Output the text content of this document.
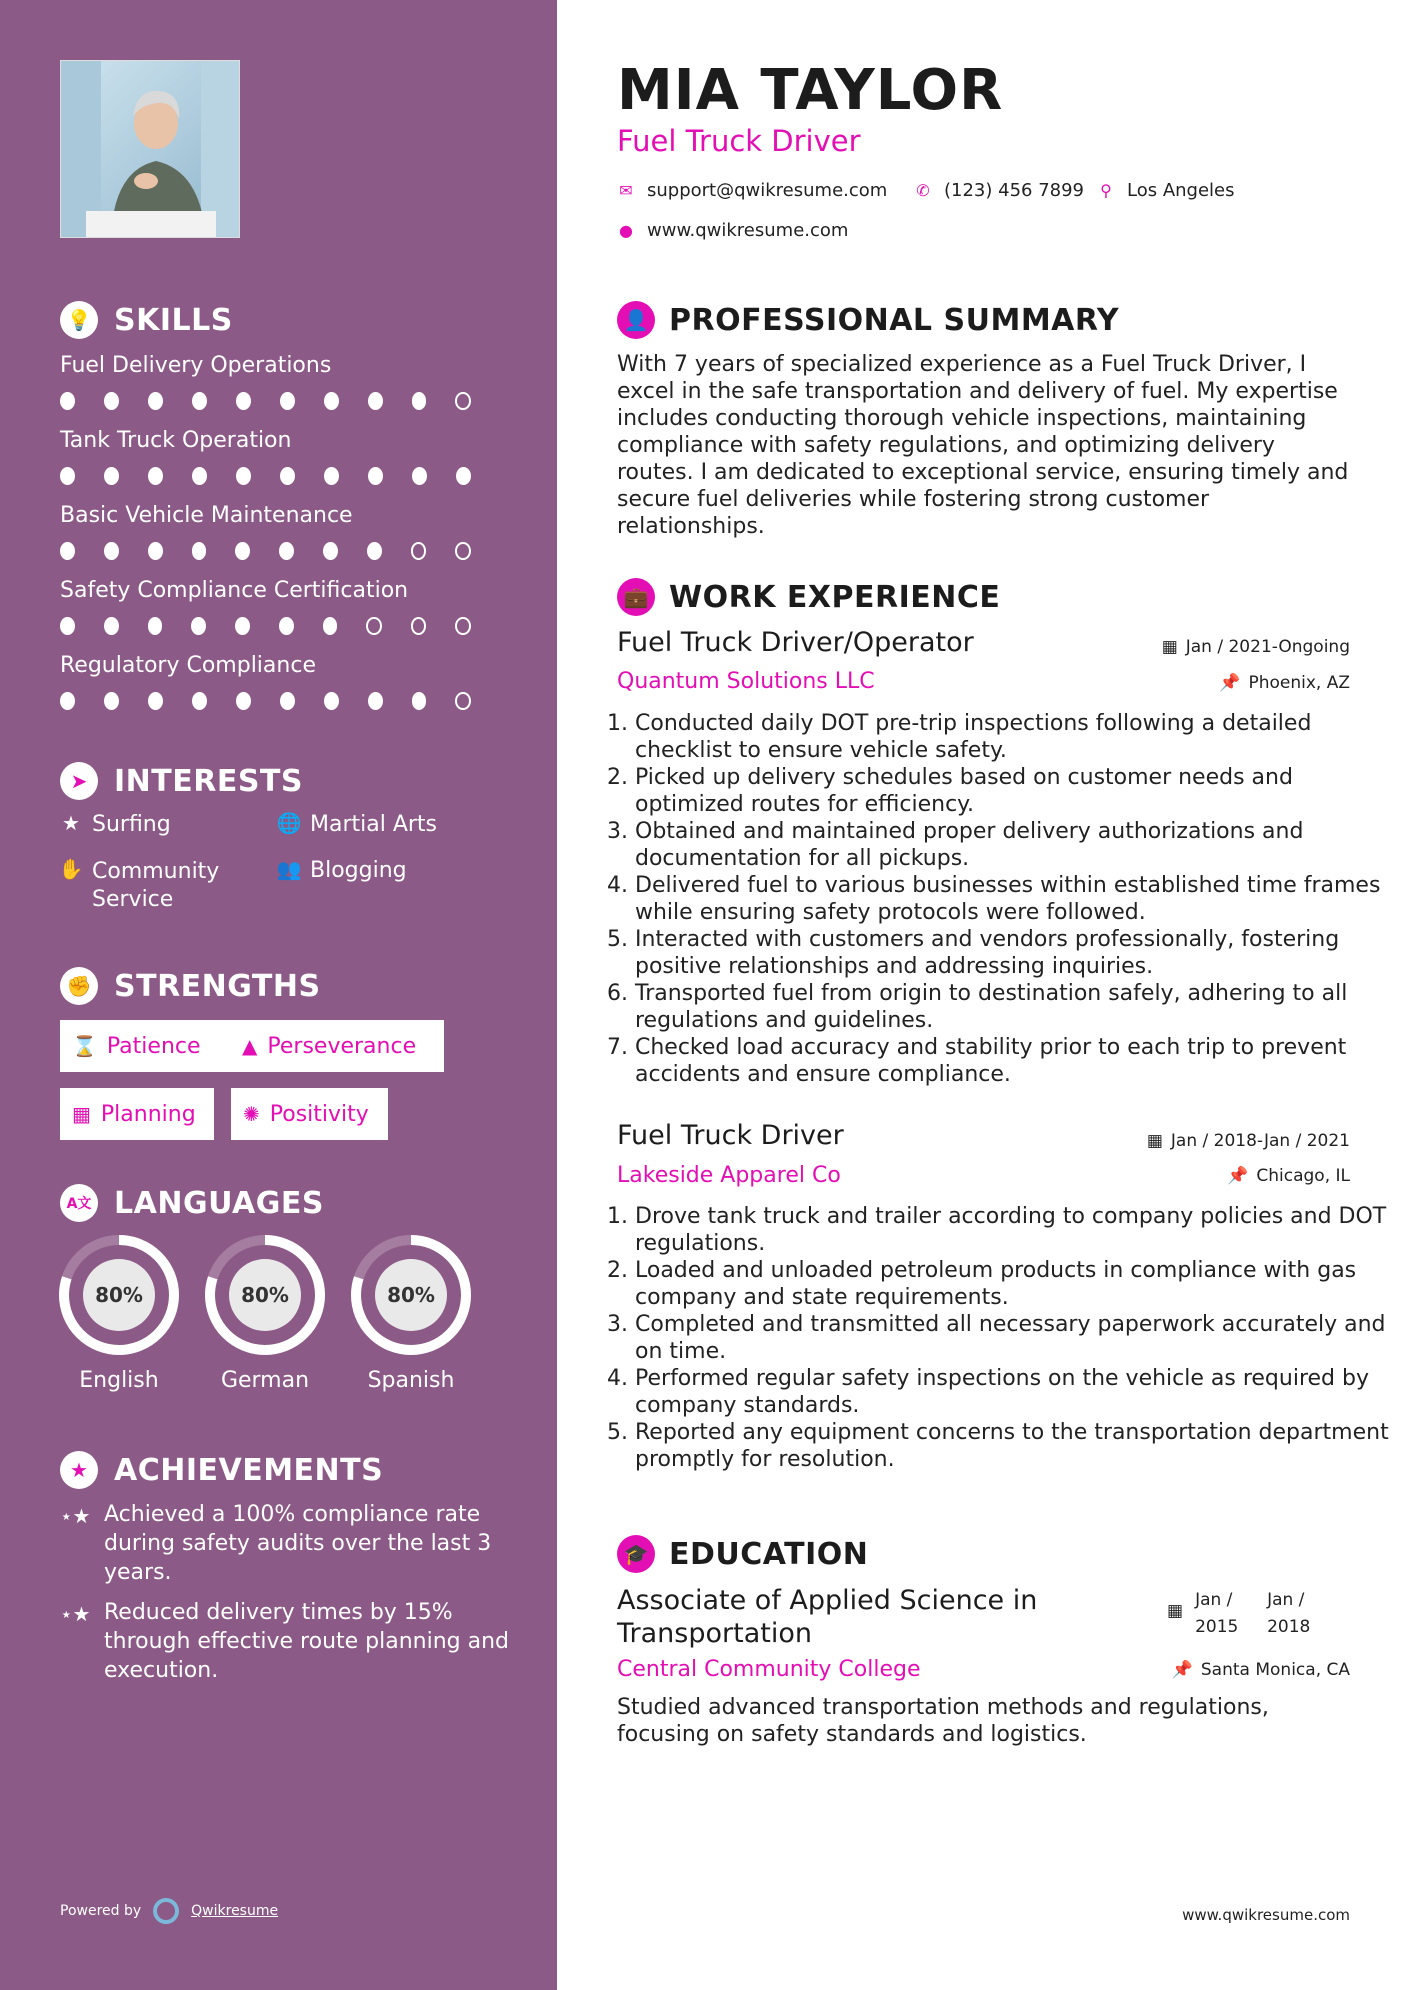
💡 SKILLS
Fuel Delivery Operations
Tank Truck Operation
Basic Vehicle Maintenance
Safety Compliance Certification
Regulatory Compliance
➤ INTERESTS
★ Surfing	🌐 Martial Arts
✋ Community Service
👥 Blogging
✊ STRENGTHS
⌛ Patience ▲ Perseverance
▦ Planning ✺ Positivity
A文 LANGUAGES
80%
English
80%
German
80%
Spanish
★ ACHIEVEMENTS
⋆★ Achieved a 100% compliance rate during safety audits over the last 3 years.
⋆★ Reduced delivery times by 15% through effective route planning and execution.
Powered by	Qwikresume
MIA TAYLOR
Fuel Truck Driver
✉ support@qwikresume.com ✆ (123) 456 7899 ⚲ Los Angeles
● www.qwikresume.com
👤 PROFESSIONAL SUMMARY
With 7 years of specialized experience as a Fuel Truck Driver, I excel in the safe transportation and delivery of fuel. My expertise includes conducting thorough vehicle inspections, maintaining compliance with safety regulations, and optimizing delivery routes. I am dedicated to exceptional service, ensuring timely and secure fuel deliveries while fostering strong customer relationships.
💼 WORK EXPERIENCE
Fuel Truck Driver/Operator	▦ Jan / 2021-Ongoing
Quantum Solutions LLC	📌 Phoenix, AZ
1. Conducted daily DOT pre-trip inspections following a detailed checklist to ensure vehicle safety.
2. Picked up delivery schedules based on customer needs and optimized routes for efficiency.
3. Obtained and maintained proper delivery authorizations and documentation for all pickups.
4. Delivered fuel to various businesses within established time frames while ensuring safety protocols were followed.
5. Interacted with customers and vendors professionally, fostering positive relationships and addressing inquiries.
6. Transported fuel from origin to destination safely, adhering to all regulations and guidelines.
7. Checked load accuracy and stability prior to each trip to prevent accidents and ensure compliance.
Fuel Truck Driver	▦ Jan / 2018-Jan / 2021
Lakeside Apparel Co	📌 Chicago, IL
1. Drove tank truck and trailer according to company policies and DOT regulations.
2. Loaded and unloaded petroleum products in compliance with gas company and state requirements.
3. Completed and transmitted all necessary paperwork accurately and on time.
4. Performed regular safety inspections on the vehicle as required by company standards.
5. Reported any equipment concerns to the transportation department promptly for resolution.
🎓 EDUCATION
Associate of Applied Science in Transportation
▦
Jan / 2015
Jan / 2018
Central Community College	📌 Santa Monica, CA
Studied advanced transportation methods and regulations, focusing on safety standards and logistics.
www.qwikresume.com
